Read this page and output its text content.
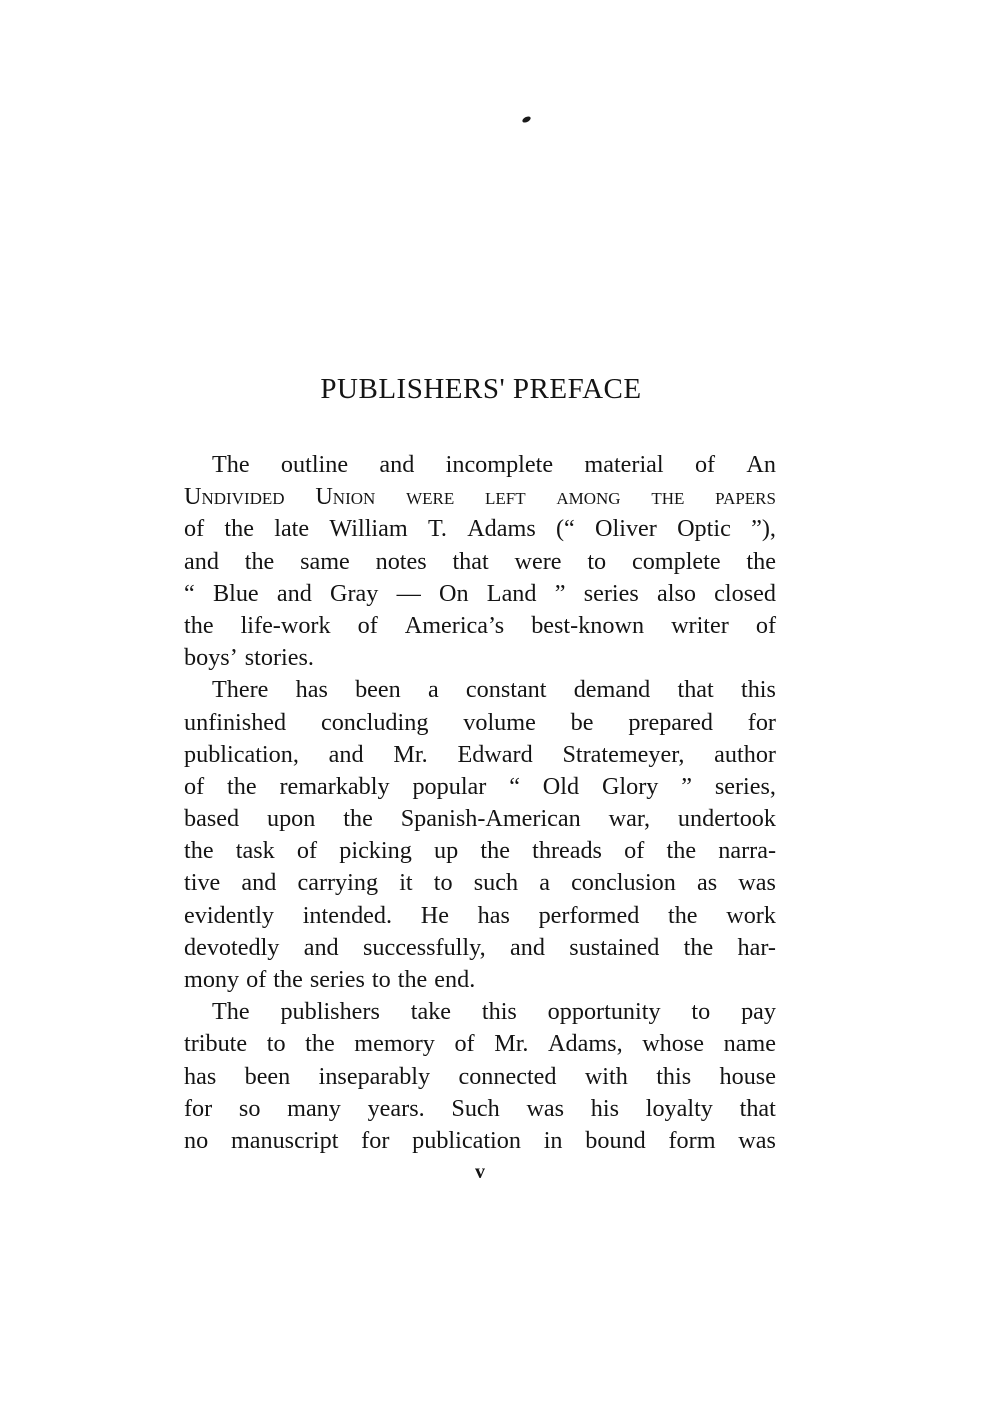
PUBLISHERS' PREFACE
The outline and incomplete material of An
Undivided Union were left among the papers
of the late William T. Adams (“ Oliver Optic ”),
and the same notes that were to complete the
“ Blue and Gray — On Land ” series also closed
the life-work of America’s best-known writer of
boys’ stories.
There has been a constant demand that this
unfinished concluding volume be prepared for
publication, and Mr. Edward Stratemeyer, author
of the remarkably popular “ Old Glory ” series,
based upon the Spanish-American war, undertook
the task of picking up the threads of the narra-
tive and carrying it to such a conclusion as was
evidently intended. He has performed the work
devotedly and successfully, and sustained the har-
mony of the series to the end.
The publishers take this opportunity to pay
tribute to the memory of Mr. Adams, whose name
has been inseparably connected with this house
for so many years. Such was his loyalty that
no manuscript for publication in bound form was
v
